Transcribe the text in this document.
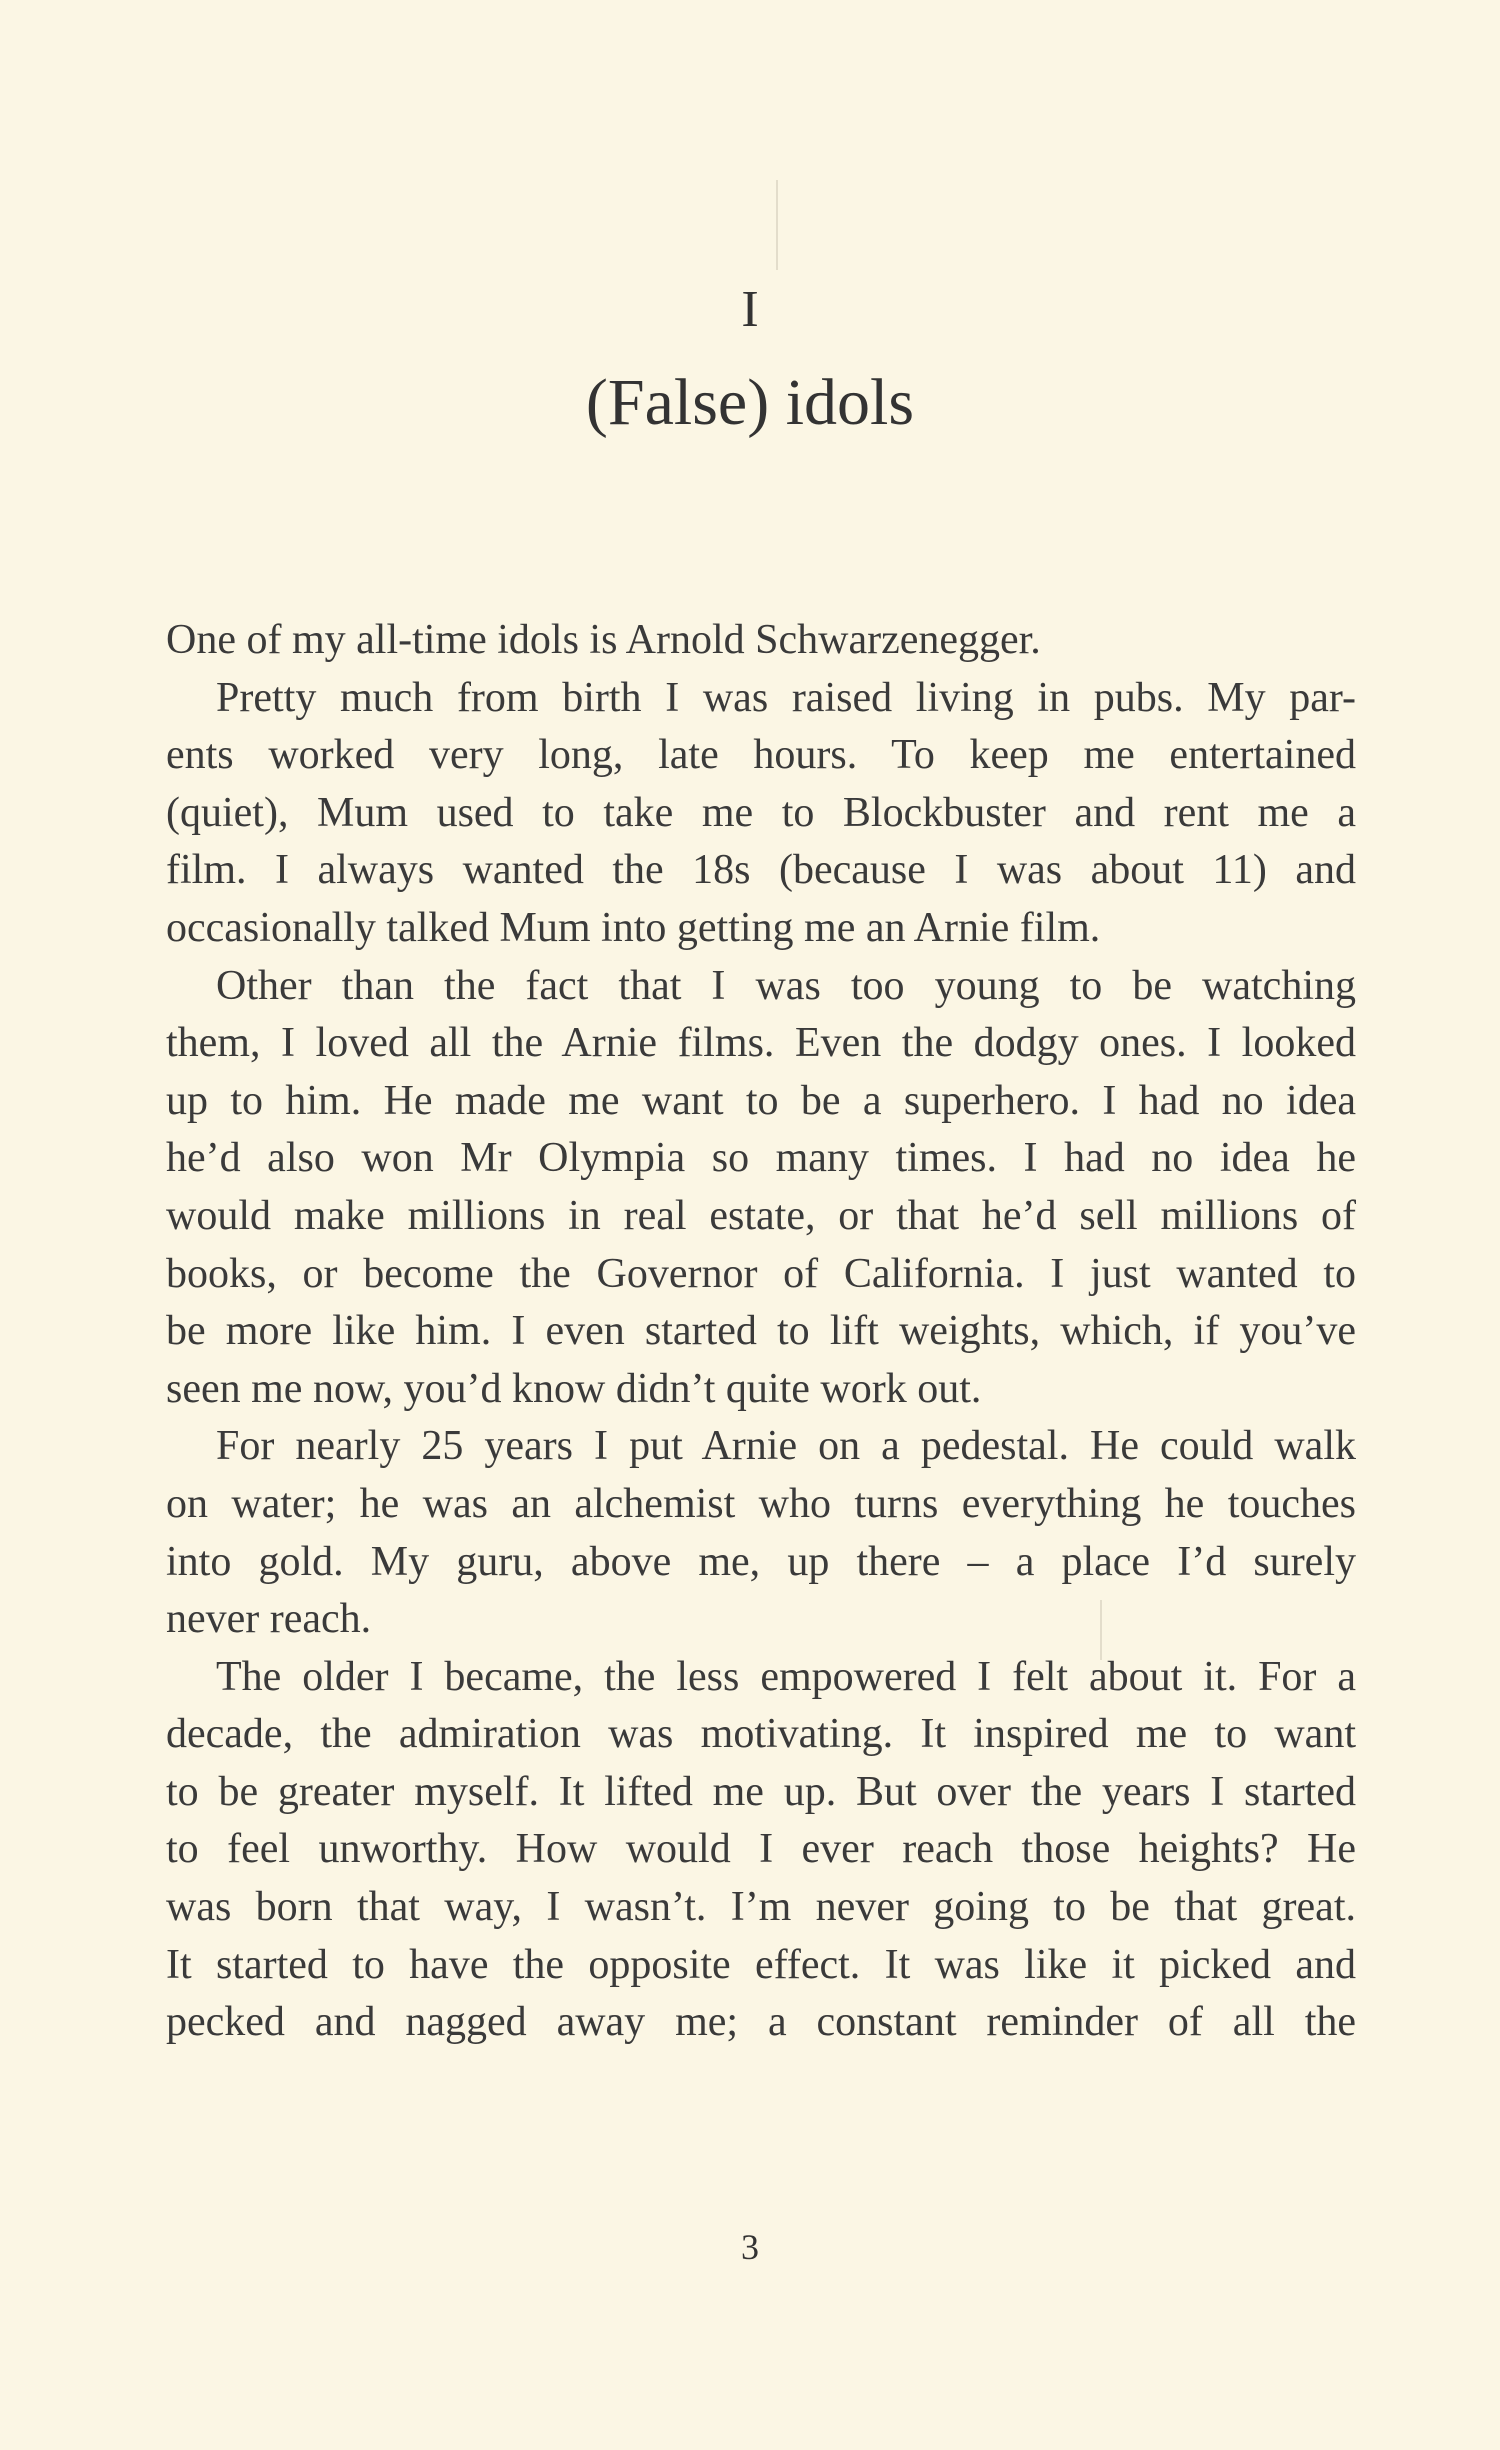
I
(False) idols
One of my all-time idols is Arnold Schwarzenegger.
Pretty much from birth I was raised living in pubs. My par-
ents worked very long, late hours. To keep me entertained
(quiet), Mum used to take me to Blockbuster and rent me a
film. I always wanted the 18s (because I was about 11) and
occasionally talked Mum into getting me an Arnie film.
Other than the fact that I was too young to be watching
them, I loved all the Arnie films. Even the dodgy ones. I looked
up to him. He made me want to be a superhero. I had no idea
he’d also won Mr Olympia so many times. I had no idea he
would make millions in real estate, or that he’d sell millions of
books, or become the Governor of California. I just wanted to
be more like him. I even started to lift weights, which, if you’ve
seen me now, you’d know didn’t quite work out.
For nearly 25 years I put Arnie on a pedestal. He could walk
on water; he was an alchemist who turns everything he touches
into gold. My guru, above me, up there – a place I’d surely
never reach.
The older I became, the less empowered I felt about it. For a
decade, the admiration was motivating. It inspired me to want
to be greater myself. It lifted me up. But over the years I started
to feel unworthy. How would I ever reach those heights? He
was born that way, I wasn’t. I’m never going to be that great.
It started to have the opposite effect. It was like it picked and
pecked and nagged away me; a constant reminder of all the
3
